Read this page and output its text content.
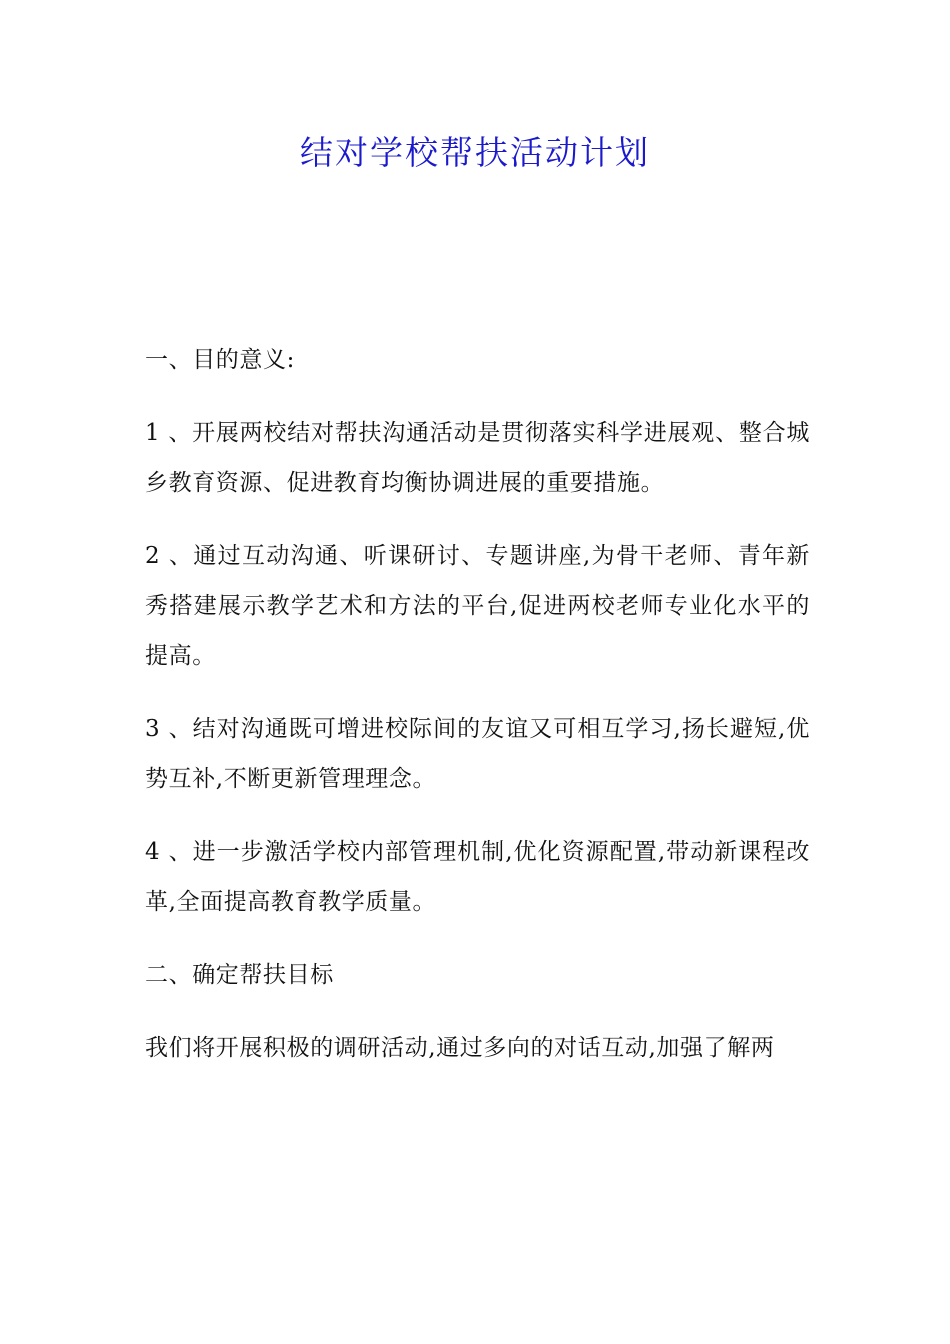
结对学校帮扶活动计划

一、目的意义:

1 、开展两校结对帮扶沟通活动是贯彻落实科学进展观、整合城乡教育资源、促进教育均衡协调进展的重要措施。

2 、通过互动沟通、听课研讨、专题讲座,为骨干老师、青年新秀搭建展示教学艺术和方法的平台,促进两校老师专业化水平的提高。

3 、结对沟通既可增进校际间的友谊又可相互学习,扬长避短,优势互补,不断更新管理理念。

4 、进一步激活学校内部管理机制,优化资源配置,带动新课程改革,全面提高教育教学质量。

二、确定帮扶目标

我们将开展积极的调研活动,通过多向的对话互动,加强了解两
